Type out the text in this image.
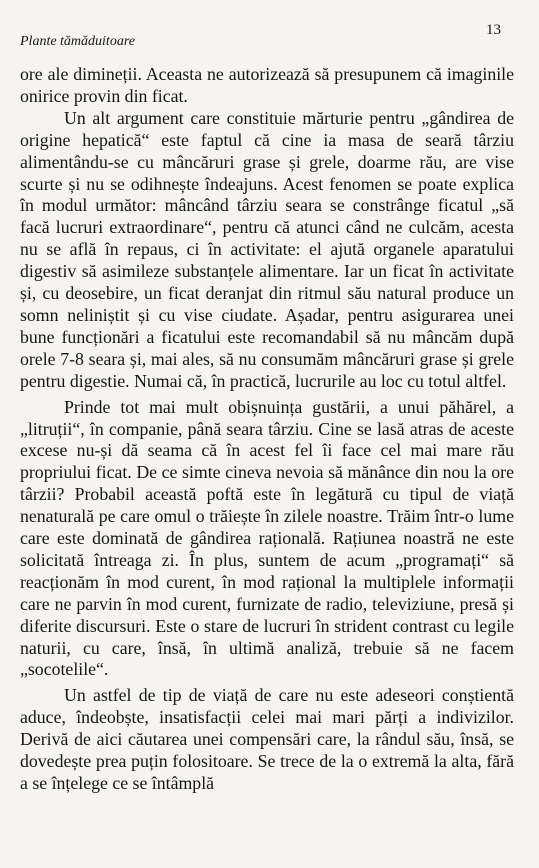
Plante tămăduitoare
13

ore ale dimineții. Aceasta ne autorizează să presupunem că imaginile onirice provin din ficat.

Un alt argument care constituie mărturie pentru „gândirea de origine hepatică“ este faptul că cine ia masa de seară târziu alimentându-se cu mâncăruri grase și grele, doarme rău, are vise scurte și nu se odihnește îndeajuns. Acest fenomen se poate explica în modul următor: mâncând târziu seara se constrânge ficatul „să facă lucruri extraordinare“, pentru că atunci când ne culcăm, acesta nu se află în repaus, ci în activitate: el ajută organele aparatului digestiv să asimileze substanțele alimentare. Iar un ficat în activitate și, cu deosebire, un ficat deranjat din ritmul său natural produce un somn neliniștit și cu vise ciudate. Așadar, pentru asigurarea unei bune funcționări a ficatului este recomandabil să nu mâncăm după orele 7-8 seara și, mai ales, să nu consumăm mâncăruri grase și grele pentru digestie. Numai că, în practică, lucrurile au loc cu totul altfel.

Prinde tot mai mult obișnuința gustării, a unui păhărel, a „litruții“, în companie, până seara târziu. Cine se lasă atras de aceste excese nu-și dă seama că în acest fel îi face cel mai mare rău propriului ficat. De ce simte cineva nevoia să mănânce din nou la ore târzii? Probabil această poftă este în legătură cu tipul de viață nenaturală pe care omul o trăiește în zilele noastre. Trăim într-o lume care este dominată de gândirea rațională. Rațiunea noastră ne este solicitată întreaga zi. În plus, suntem de acum „programați“ să reacționăm în mod curent, în mod rațional la multiplele informații care ne parvin în mod curent, furnizate de radio, televiziune, presă și diferite discursuri. Este o stare de lucruri în strident contrast cu legile naturii, cu care, însă, în ultimă analiză, trebuie să ne facem „socotelile“.

Un astfel de tip de viață de care nu este adeseori conștientă aduce, îndeobște, insatisfacții celei mai mari părți a indivizilor. Derivă de aici căutarea unei compensări care, la rândul său, însă, se dovedește prea puțin folositoare. Se trece de la o extremă la alta, fără a se înțelege ce se întâmplă
